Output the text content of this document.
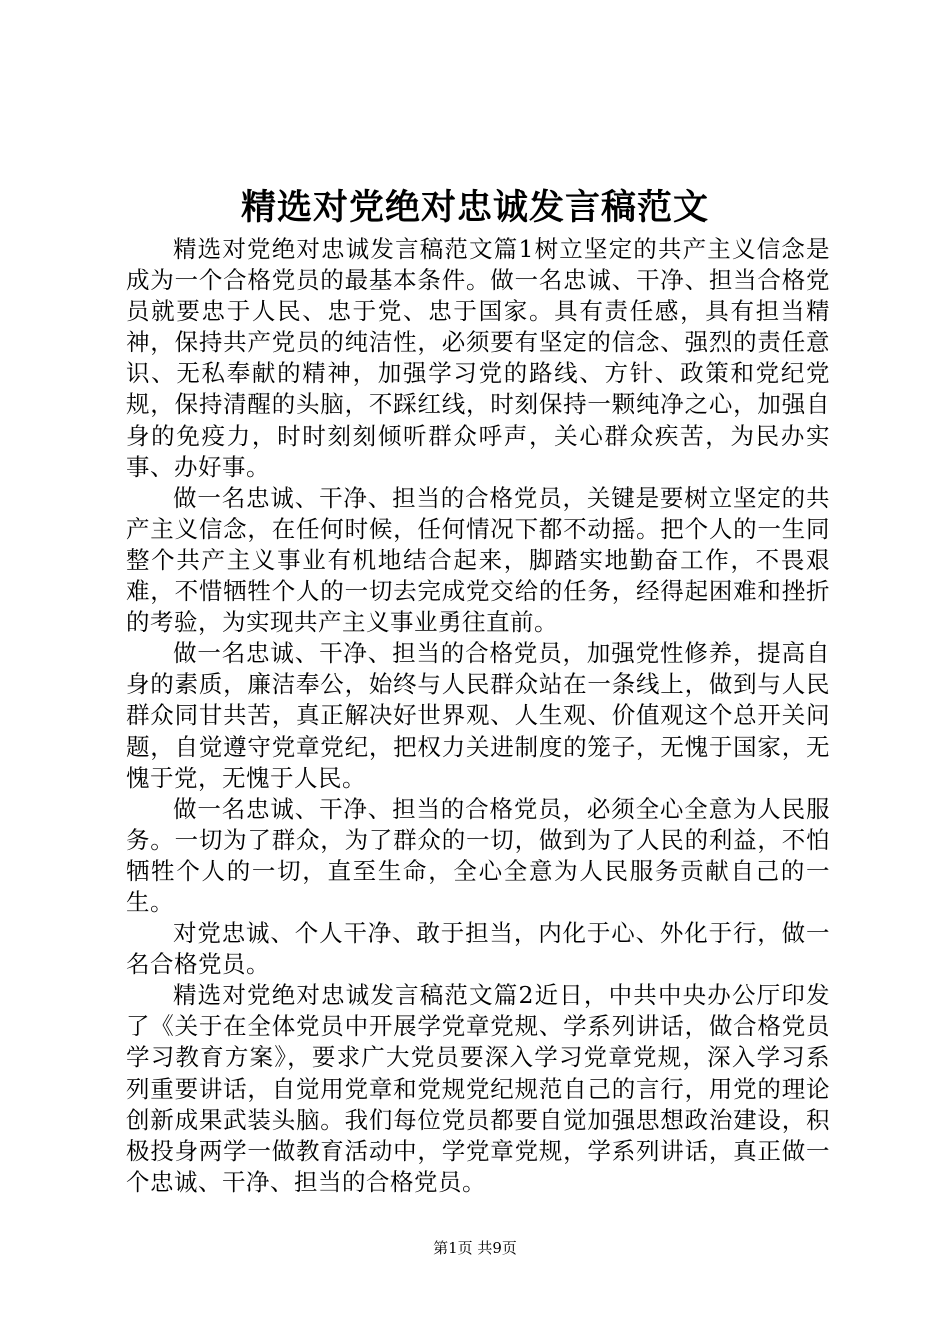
精选对党绝对忠诚发言稿范文

精选对党绝对忠诚发言稿范文篇1树立坚定的共产主义信念是成为一个合格党员的最基本条件。做一名忠诚、干净、担当合格党员就要忠于人民、忠于党、忠于国家。具有责任感，具有担当精神，保持共产党员的纯洁性，必须要有坚定的信念、强烈的责任意识、无私奉献的精神，加强学习党的路线、方针、政策和党纪党规，保持清醒的头脑，不踩红线，时刻保持一颗纯净之心，加强自身的免疫力，时时刻刻倾听群众呼声，关心群众疾苦，为民办实事、办好事。

做一名忠诚、干净、担当的合格党员，关键是要树立坚定的共产主义信念，在任何时候，任何情况下都不动摇。把个人的一生同整个共产主义事业有机地结合起来，脚踏实地勤奋工作，不畏艰难，不惜牺牲个人的一切去完成党交给的任务，经得起困难和挫折的考验，为实现共产主义事业勇往直前。

做一名忠诚、干净、担当的合格党员，加强党性修养，提高自身的素质，廉洁奉公，始终与人民群众站在一条线上，做到与人民群众同甘共苦，真正解决好世界观、人生观、价值观这个总开关问题，自觉遵守党章党纪，把权力关进制度的笼子，无愧于国家，无愧于党，无愧于人民。

做一名忠诚、干净、担当的合格党员，必须全心全意为人民服务。一切为了群众，为了群众的一切，做到为了人民的利益，不怕牺牲个人的一切，直至生命，全心全意为人民服务贡献自己的一生。

对党忠诚、个人干净、敢于担当，内化于心、外化于行，做一名合格党员。

精选对党绝对忠诚发言稿范文篇2近日，中共中央办公厅印发了《关于在全体党员中开展学党章党规、学系列讲话，做合格党员学习教育方案》，要求广大党员要深入学习党章党规，深入学习系列重要讲话，自觉用党章和党规党纪规范自己的言行，用党的理论创新成果武装头脑。我们每位党员都要自觉加强思想政治建设，积极投身两学一做教育活动中，学党章党规，学系列讲话，真正做一个忠诚、干净、担当的合格党员。

第1页 共9页
